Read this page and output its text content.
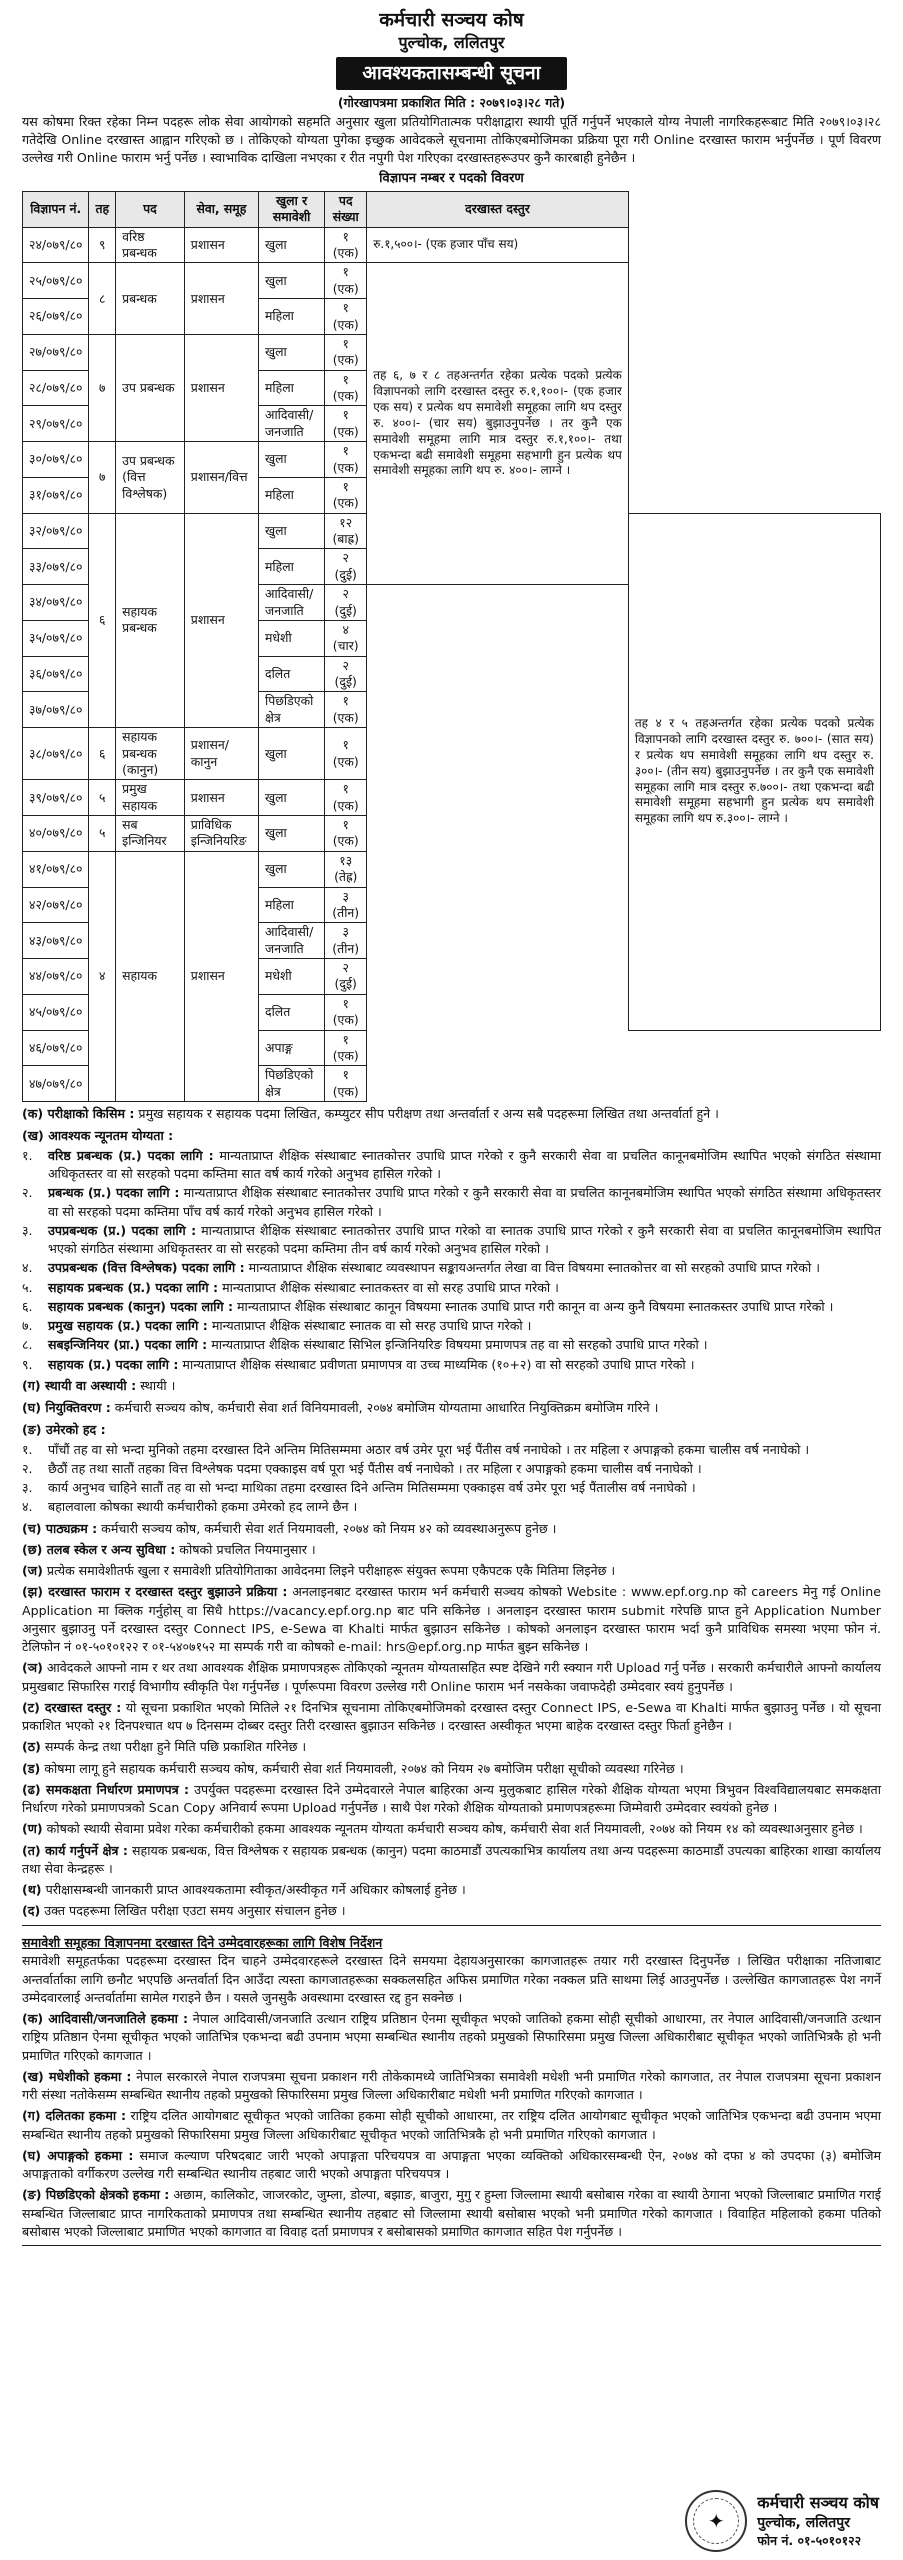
कर्मचारी सञ्चय कोष
पुल्चोक, ललितपुर
आवश्यकतासम्बन्धी सूचना
(गोरखापत्रमा प्रकाशित मिति : २०७९।०३।२८ गते)

यस कोषमा रिक्त रहेका निम्न पदहरू लोक सेवा आयोगको सहमति अनुसार खुला प्रतियोगितात्मक परीक्षाद्वारा स्थायी पूर्ति गर्नुपर्ने भएकाले योग्य नेपाली नागरिकहरूबाट मिति २०७९।०३।२८ गतेदेखि Online दरखास्त आह्वान गरिएको छ । तोकिएको योग्यता पुगेका इच्छुक आवेदकले सूचनामा तोकिएबमोजिमका प्रक्रिया पूरा गरी Online दरखास्त फाराम भर्नुपर्नेछ । पूर्ण विवरण उल्लेख गरी Online फाराम भर्नु पर्नेछ । स्वाभाविक दाखिला नभएका र रीत नपुगी पेश गरिएका दरखास्तहरूउपर कुनै कारबाही हुनेछैन ।

विज्ञापन नम्बर र पदको विवरण
विज्ञापन नं.	तह	पद	सेवा, समूह	खुला र समावेशी	पद संख्या	दरखास्त दस्तुर	
२४/०७९/८०	९	वरिष्ठ प्रबन्धक	प्रशासन	खुला	१ (एक)	रु.१,५००।- (एक हजार पाँच सय)	
२५/०७९/८०	८	प्रबन्धक	प्रशासन	खुला	१ (एक)	तह ६, ७ र ८ तहअन्तर्गत रहेका प्रत्येक पदको प्रत्येक विज्ञापनको लागि दरखास्त दस्तुर रु.१,१००।- (एक हजार एक सय) र प्रत्येक थप समावेशी समूहका लागि थप दस्तुर रु. ४००।- (चार सय) बुझाउनुपर्नेछ । तर कुनै एक समावेशी समूहमा लागि मात्र दस्तुर रु.१,१००।- तथा एकभन्दा बढी समावेशी समूहमा सहभागी हुन प्रत्येक थप समावेशी समूहका लागि थप रु. ४००।- लाग्ने ।	
२६/०७९/८०				महिला	१ (एक)		
२७/०७९/८०	७	उप प्रबन्धक	प्रशासन	खुला	१ (एक)		
२८/०७९/८०				महिला	१ (एक)		
२९/०७९/८०				आदिवासी/जनजाति	१ (एक)		
३०/०७९/८०	७	उप प्रबन्धक (वित्त विश्लेषक)	प्रशासन/वित्त	खुला	१ (एक)		
३१/०७९/८०				महिला	१ (एक)		
३२/०७९/८०	६	सहायक प्रबन्धक	प्रशासन	खुला	१२ (बाह्र)		तह ४ र ५ तहअन्तर्गत रहेका प्रत्येक पदको प्रत्येक विज्ञापनको लागि दरखास्त दस्तुर रु. ७००।- (सात सय) र प्रत्येक थप समावेशी समूहका लागि थप दस्तुर रु. ३००।- (तीन सय) बुझाउनुपर्नेछ । तर कुनै एक समावेशी समूहका लागि मात्र दस्तुर रु.७००।- तथा एकभन्दा बढी समावेशी समूहमा सहभागी हुन प्रत्येक थप समावेशी समूहका लागि थप रु.३००।- लाग्ने ।
३३/०७९/८०				महिला	२ (दुई)		
३४/०७९/८०				आदिवासी/जनजाति	२ (दुई)		
३५/०७९/८०				मधेशी	४ (चार)		
३६/०७९/८०				दलित	२ (दुई)		
३७/०७९/८०				पिछडिएको क्षेत्र	१ (एक)		
३८/०७९/८०	६	सहायक प्रबन्धक (कानुन)	प्रशासन/कानुन	खुला	१ (एक)		
३९/०७९/८०	५	प्रमुख सहायक	प्रशासन	खुला	१ (एक)		
४०/०७९/८०	५	सब इन्जिनियर	प्राविधिक इन्जिनियरिङ	खुला	१ (एक)		
४१/०७९/८०	४	सहायक	प्रशासन	खुला	१३ (तेह्र)		
४२/०७९/८०				महिला	३ (तीन)		
४३/०७९/८०				आदिवासी/जनजाति	३ (तीन)		
४४/०७९/८०				मधेशी	२ (दुई)		
४५/०७९/८०				दलित	१ (एक)		
४६/०७९/८०				अपाङ्ग	१ (एक)		
४७/०७९/८०				पिछडिएको क्षेत्र	१ (एक)		
(क) परीक्षाको किसिम : प्रमुख सहायक र सहायक पदमा लिखित, कम्प्युटर सीप परीक्षण तथा अन्तर्वार्ता र अन्य सबै पदहरूमा लिखित तथा अन्तर्वार्ता हुने ।
(ख) आवश्यक न्यूनतम योग्यता :
१.	वरिष्ठ प्रबन्धक (प्र.) पदका लागि : मान्यताप्राप्त शैक्षिक संस्थाबाट स्नातकोत्तर उपाधि प्राप्त गरेको र कुनै सरकारी सेवा वा प्रचलित कानूनबमोजिम स्थापित भएको संगठित संस्थामा अधिकृतस्तर वा सो सरहको पदमा कम्तिमा सात वर्ष कार्य गरेको अनुभव हासिल गरेको ।
२.	प्रबन्धक (प्र.) पदका लागि : मान्यताप्राप्त शैक्षिक संस्थाबाट स्नातकोत्तर उपाधि प्राप्त गरेको र कुनै सरकारी सेवा वा प्रचलित कानूनबमोजिम स्थापित भएको संगठित संस्थामा अधिकृतस्तर वा सो सरहको पदमा कम्तिमा पाँच वर्ष कार्य गरेको अनुभव हासिल गरेको ।
३.	उपप्रबन्धक (प्र.) पदका लागि : मान्यताप्राप्त शैक्षिक संस्थाबाट स्नातकोत्तर उपाधि प्राप्त गरेको वा स्नातक उपाधि प्राप्त गरेको र कुनै सरकारी सेवा वा प्रचलित कानूनबमोजिम स्थापित भएको संगठित संस्थामा अधिकृतस्तर वा सो सरहको पदमा कम्तिमा तीन वर्ष कार्य गरेको अनुभव हासिल गरेको ।
४.	उपप्रबन्धक (वित्त विश्लेषक) पदका लागि : मान्यताप्राप्त शैक्षिक संस्थाबाट व्यवस्थापन सङ्कायअन्तर्गत लेखा वा वित्त विषयमा स्नातकोत्तर वा सो सरहको उपाधि प्राप्त गरेको ।
५.	सहायक प्रबन्धक (प्र.) पदका लागि : मान्यताप्राप्त शैक्षिक संस्थाबाट स्नातकस्तर वा सो सरह उपाधि प्राप्त गरेको ।
६.	सहायक प्रबन्धक (कानुन) पदका लागि : मान्यताप्राप्त शैक्षिक संस्थाबाट कानून विषयमा स्नातक उपाधि प्राप्त गरी कानून वा अन्य कुनै विषयमा स्नातकस्तर उपाधि प्राप्त गरेको ।
७.	प्रमुख सहायक (प्र.) पदका लागि : मान्यताप्राप्त शैक्षिक संस्थाबाट स्नातक वा सो सरह उपाधि प्राप्त गरेको ।
८.	सबइन्जिनियर (प्रा.) पदका लागि : मान्यताप्राप्त शैक्षिक संस्थाबाट सिभिल इन्जिनियरिङ विषयमा प्रमाणपत्र तह वा सो सरहको उपाधि प्राप्त गरेको ।
९.	सहायक (प्र.) पदका लागि : मान्यताप्राप्त शैक्षिक संस्थाबाट प्रवीणता प्रमाणपत्र वा उच्च माध्यमिक (१०+२) वा सो सरहको उपाधि प्राप्त गरेको ।
(ग) स्थायी वा अस्थायी : स्थायी ।
(घ) नियुक्तिवरण : कर्मचारी सञ्चय कोष, कर्मचारी सेवा शर्त विनियमावली, २०७४ बमोजिम योग्यतामा आधारित नियुक्तिक्रम बमोजिम गरिने ।
(ङ) उमेरको हद :
१.	पाँचौं तह वा सो भन्दा मुनिको तहमा दरखास्त दिने अन्तिम मितिसम्ममा अठार वर्ष उमेर पूरा भई पैंतीस वर्ष ननाघेको । तर महिला र अपाङ्गको हकमा चालीस वर्ष ननाघेको ।
२.	छैठौं तह तथा सातौं तहका वित्त विश्लेषक पदमा एक्काइस वर्ष पूरा भई पैंतीस वर्ष ननाघेको । तर महिला र अपाङ्गको हकमा चालीस वर्ष ननाघेको ।
३.	कार्य अनुभव चाहिने सातौं तह वा सो भन्दा माथिका तहमा दरखास्त दिने अन्तिम मितिसम्ममा एक्काइस वर्ष उमेर पूरा भई पैंतालीस वर्ष ननाघेको ।
४.	बहालवाला कोषका स्थायी कर्मचारीको हकमा उमेरको हद लाग्ने छैन ।
(च) पाठ्यक्रम : कर्मचारी सञ्चय कोष, कर्मचारी सेवा शर्त नियमावली, २०७४ को नियम ४२ को व्यवस्थाअनुरूप हुनेछ ।
(छ) तलब स्केल र अन्य सुविधा : कोषको प्रचलित नियमानुसार ।
(ज) प्रत्येक समावेशीतर्फ खुला र समावेशी प्रतियोगिताका आवेदनमा लिइने परीक्षाहरू संयुक्त रूपमा एकैपटक एकै मितिमा लिइनेछ ।
(झ) दरखास्त फाराम र दरखास्त दस्तुर बुझाउने प्रक्रिया : अनलाइनबाट दरखास्त फाराम भर्न कर्मचारी सञ्चय कोषको Website : www.epf.org.np को careers मेनु गई Online Application मा क्लिक गर्नुहोस् वा सिधै https://vacancy.epf.org.np बाट पनि सकिनेछ । अनलाइन दरखास्त फाराम submit गरेपछि प्राप्त हुने Application Number अनुसार बुझाउनु पर्ने दरखास्त दस्तुर Connect IPS, e-Sewa वा Khalti मार्फत बुझाउन सकिनेछ । कोषको अनलाइन दरखास्त फाराम भर्दा कुनै प्राविधिक समस्या भएमा फोन नं. टेलिफोन नं ०१-५०१०१२२ र ०१-५४०७१५२ मा सम्पर्क गरी वा कोषको e-mail: hrs@epf.org.np मार्फत बुझ्न सकिनेछ ।
(ञ) आवेदकले आफ्नो नाम र थर तथा आवश्यक शैक्षिक प्रमाणपत्रहरू तोकिएको न्यूनतम योग्यतासहित स्पष्ट देखिने गरी स्क्यान गरी Upload गर्नु पर्नेछ । सरकारी कर्मचारीले आफ्नो कार्यालय प्रमुखबाट सिफारिस गराई विभागीय स्वीकृति पेश गर्नुपर्नेछ । पूर्णरूपमा विवरण उल्लेख गरी Online फाराम भर्न नसकेका जवाफदेही उम्मेदवार स्वयं हुनुपर्नेछ ।
(ट) दरखास्त दस्तुर : यो सूचना प्रकाशित भएको मितिले २१ दिनभित्र सूचनामा तोकिएबमोजिमको दरखास्त दस्तुर Connect IPS, e-Sewa वा Khalti मार्फत बुझाउनु पर्नेछ । यो सूचना प्रकाशित भएको २१ दिनपश्चात थप ७ दिनसम्म दोब्बर दस्तुर तिरी दरखास्त बुझाउन सकिनेछ । दरखास्त अस्वीकृत भएमा बाहेक दरखास्त दस्तुर फिर्ता हुनेछैन ।
(ठ) सम्पर्क केन्द्र तथा परीक्षा हुने मिति पछि प्रकाशित गरिनेछ ।
(ड) कोषमा लागू हुने सहायक कर्मचारी सञ्चय कोष, कर्मचारी सेवा शर्त नियमावली, २०७४ को नियम २७ बमोजिम परीक्षा सूचीको व्यवस्था गरिनेछ ।
(ढ) समकक्षता निर्धारण प्रमाणपत्र : उपर्युक्त पदहरूमा दरखास्त दिने उम्मेदवारले नेपाल बाहिरका अन्य मुलुकबाट हासिल गरेको शैक्षिक योग्यता भएमा त्रिभुवन विश्वविद्यालयबाट समकक्षता निर्धारण गरेको प्रमाणपत्रको Scan Copy अनिवार्य रूपमा Upload गर्नुपर्नेछ । साथै पेश गरेको शैक्षिक योग्यताको प्रमाणपत्रहरूमा जिम्मेवारी उम्मेदवार स्वयंको हुनेछ ।
(ण) कोषको स्थायी सेवामा प्रवेश गरेका कर्मचारीको हकमा आवश्यक न्यूनतम योग्यता कर्मचारी सञ्चय कोष, कर्मचारी सेवा शर्त नियमावली, २०७४ को नियम १४ को व्यवस्थाअनुसार हुनेछ ।
(त) कार्य गर्नुपर्ने क्षेत्र : सहायक प्रबन्धक, वित्त विश्लेषक र सहायक प्रबन्धक (कानुन) पदमा काठमाडौं उपत्यकाभित्र कार्यालय तथा अन्य पदहरूमा काठमाडौं उपत्यका बाहिरका शाखा कार्यालय तथा सेवा केन्द्रहरू ।
(थ) परीक्षासम्बन्धी जानकारी प्राप्त आवश्यकतामा स्वीकृत/अस्वीकृत गर्ने अधिकार कोषलाई हुनेछ ।
(द) उक्त पदहरूमा लिखित परीक्षा एउटा समय अनुसार संचालन हुनेछ ।
समावेशी समूहका विज्ञापनमा दरखास्त दिने उम्मेदवारहरूका लागि विशेष निर्देशन

समावेशी समूहतर्फका पदहरूमा दरखास्त दिन चाहने उम्मेदवारहरूले दरखास्त दिने समयमा देहायअनुसारका कागजातहरू तयार गरी दरखास्त दिनुपर्नेछ । लिखित परीक्षाका नतिजाबाट अन्तर्वार्ताका लागि छनौट भएपछि अन्तर्वार्ता दिन आउँदा त्यस्ता कागजातहरूका सक्कलसहित अफिस प्रमाणित गरेका नक्कल प्रति साथमा लिई आउनुपर्नेछ । उल्लेखित कागजातहरू पेश नगर्ने उम्मेदवारलाई अन्तर्वार्तामा सामेल गराइने छैन । यसले जुनसुकै अवस्थामा दरखास्त रद्द हुन सक्नेछ ।

(क) आदिवासी/जनजातिले हकमा : नेपाल आदिवासी/जनजाति उत्थान राष्ट्रिय प्रतिष्ठान ऐनमा सूचीकृत भएको जातिको हकमा सोही सूचीको आधारमा, तर नेपाल आदिवासी/जनजाति उत्थान राष्ट्रिय प्रतिष्ठान ऐनमा सूचीकृत भएको जातिभित्र एकभन्दा बढी उपनाम भएमा सम्बन्धित स्थानीय तहको प्रमुखको सिफारिसमा प्रमुख जिल्ला अधिकारीबाट सूचीकृत भएको जातिभित्रकै हो भनी प्रमाणित गरिएको कागजात ।
(ख) मधेशीको हकमा : नेपाल सरकारले नेपाल राजपत्रमा सूचना प्रकाशन गरी तोकेकामध्ये जातिभित्रका समावेशी मधेशी भनी प्रमाणित गरेको कागजात, तर नेपाल राजपत्रमा सूचना प्रकाशन गरी संस्था नतोकेसम्म सम्बन्धित स्थानीय तहको प्रमुखको सिफारिसमा प्रमुख जिल्ला अधिकारीबाट मधेशी भनी प्रमाणित गरिएको कागजात ।
(ग) दलितका हकमा : राष्ट्रिय दलित आयोगबाट सूचीकृत भएको जातिका हकमा सोही सूचीको आधारमा, तर राष्ट्रिय दलित आयोगबाट सूचीकृत भएको जातिभित्र एकभन्दा बढी उपनाम भएमा सम्बन्धित स्थानीय तहको प्रमुखको सिफारिसमा प्रमुख जिल्ला अधिकारीबाट सूचीकृत भएको जातिभित्रकै हो भनी प्रमाणित गरिएको कागजात ।
(घ) अपाङ्गको हकमा : समाज कल्याण परिषदबाट जारी भएको अपाङ्गता परिचयपत्र वा अपाङ्गता भएका व्यक्तिको अधिकारसम्बन्धी ऐन, २०७४ को दफा ४ को उपदफा (३) बमोजिम अपाङ्गताको वर्गीकरण उल्लेख गरी सम्बन्धित स्थानीय तहबाट जारी भएको अपाङ्गता परिचयपत्र ।
(ङ) पिछडिएको क्षेत्रको हकमा : अछाम, कालिकोट, जाजरकोट, जुम्ला, डोल्पा, बझाङ, बाजुरा, मुगु र हुम्ला जिल्लामा स्थायी बसोबास गरेका वा स्थायी ठेगाना भएको जिल्लाबाट प्रमाणित गराई सम्बन्धित जिल्लाबाट प्राप्त नागरिकताको प्रमाणपत्र तथा सम्बन्धित स्थानीय तहबाट सो जिल्लामा स्थायी बसोबास भएको भनी प्रमाणित गरेको कागजात । विवाहित महिलाको हकमा पतिको बसोबास भएको जिल्लाबाट प्रमाणित भएको कागजात वा विवाह दर्ता प्रमाणपत्र र बसोबासको प्रमाणित कागजात सहित पेश गर्नुपर्नेछ ।
✦
कर्मचारी सञ्चय कोष
पुल्चोक, ललितपुर
फोन नं. ०१-५०१०१२२
